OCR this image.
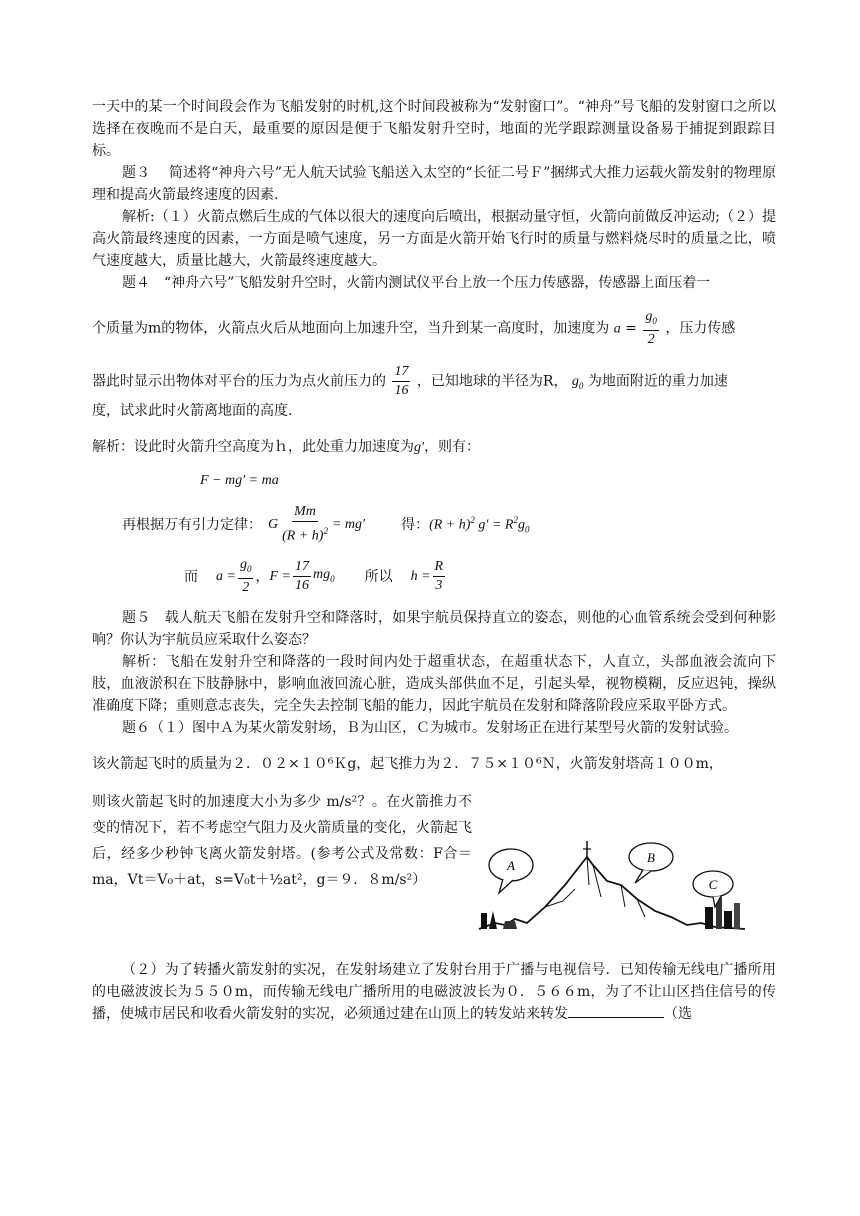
一天中的某一个时间段会作为飞船发射的时机,这个时间段被称为“发射窗口”。“神舟”号飞船的发射窗口之所以选择在夜晚而不是白天，最重要的原因是便于飞船发射升空时，地面的光学跟踪测量设备易于捕捉到跟踪目标。

题３　 简述将“神舟六号”无人航天试验飞船送入太空的“长征二号Ｆ”捆绑式大推力运载火箭发射的物理原理和提高火箭最终速度的因素.

解析:（１）火箭点燃后生成的气体以很大的速度向后喷出，根据动量守恒，火箭向前做反冲运动;（２）提高火箭最终速度的因素，一方面是喷气速度，另一方面是火箭开始飞行时的质量与燃料烧尽时的质量之比，喷气速度越大，质量比越大，火箭最终速度越大。

题４　“神舟六号”飞船发射升空时，火箭内测试仪平台上放一个压力传感器，传感器上面压着一

个质量为m的物体，火箭点火后从地面向上加速升空，当升到某一高度时，加速度为 $a = \frac{g_0}{2}$ ，压力传感

器此时显示出物体对平台的压力为点火前压力的 $\frac{17}{16}$ ，已知地球的半径为R， $g_0$ 为地面附近的重力加速

度，试求此时火箭离地面的高度.

解析：设此时火箭升空高度为ｈ，此处重力加速度为g′，则有：

F − mg′ = ma
再根据万有引力定律： G $\frac{Mm}{(R + h)^2} = mg'$	得： $(R + h)^2$ $g' = R^2g_0$
而 $a = \frac{g_0}{2}$ ， $F = \frac{17}{16} mg_0$ 所以 $h = \frac{R}{3}$

题５　载人航天飞船在发射升空和降落时，如果宇航员保持直立的姿态，则他的心血管系统会受到何种影响？你认为宇航员应采取什么姿态？

解析：飞船在发射升空和降落的一段时间内处于超重状态，在超重状态下，人直立，头部血液会流向下肢，血液淤积在下肢静脉中，影响血液回流心脏，造成头部供血不足，引起头晕，视物模糊，反应迟钝，操纵准确度下降；重则意志丧失，完全失去控制飞船的能力，因此宇航员在发射和降落阶段应采取平卧方式。

题６（１）图中Ａ为某火箭发射场，Ｂ为山区，Ｃ为城市。发射场正在进行某型号火箭的发射试验。

该火箭起飞时的质量为２．０２×１０⁶Ｋg，起飞推力为２．７５×１０⁶Ｎ，火箭发射塔高１００m，

则该火箭起飞时的加速度大小为多少 m/s²？。在火箭推力不变的情况下，若不考虑空气阻力及火箭质量的变化，火箭起飞后，经多少秒钟飞离火箭发射塔。(参考公式及常数：F合＝ma，Vt＝V₀＋at，s=V₀t＋½at²，g＝９．８m/s²）

A
B
C

（２）为了转播火箭发射的实况，在发射场建立了发射台用于广播与电视信号．已知传输无线电广播所用的电磁波波长为５５０m，而传输无线电广播所用的电磁波波长为０．５６６m，为了不让山区挡住信号的传播，使城市居民和收看火箭发射的实况，必须通过建在山顶上的转发站来转发	（选
